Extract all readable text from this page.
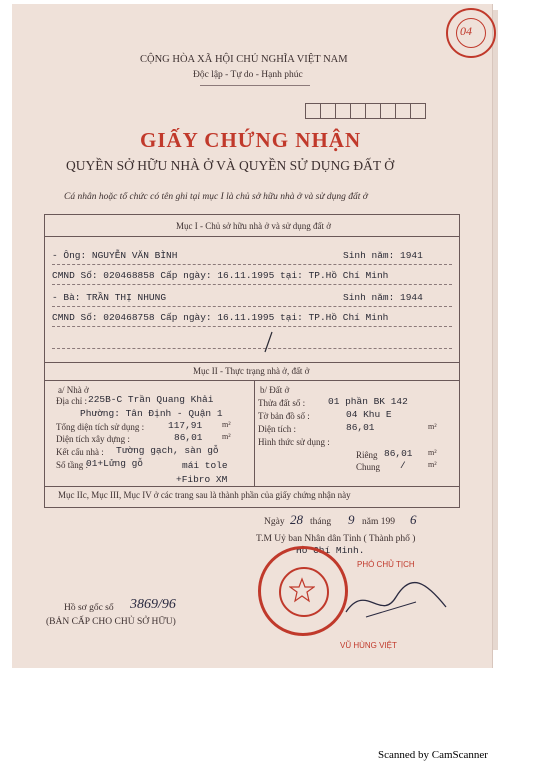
04
CỘNG HÒA XÃ HỘI CHỦ NGHĨA VIỆT NAM
Độc lập - Tự do - Hạnh phúc
GIẤY CHỨNG NHẬN
QUYỀN SỞ HỮU NHÀ Ở VÀ QUYỀN SỬ DỤNG ĐẤT Ở
Cá nhân hoặc tổ chức có tên ghi tại mục I là chủ sở hữu nhà ở và sử dụng đất ở
Mục I - Chủ sở hữu nhà ở và sử dụng đất ở
- Ông: NGUYỄN VĂN BÌNH	Sinh năm: 1941
CMND Số: 020468858 Cấp ngày: 16.11.1995 tại: TP.Hồ Chí Minh
- Bà: TRẦN THỊ NHUNG	Sinh năm: 1944
CMND Số: 020468758 Cấp ngày: 16.11.1995 tại: TP.Hồ Chí Minh
Mục II - Thực trạng nhà ở, đất ở
a/ Nhà ở
Địa chỉ : 225B-C Trần Quang Khải
Phường: Tân Định - Quận 1
Tổng diện tích sử dụng :	117,91 m²
Diện tích xây dựng :	86,01 m²
Kết cấu nhà : Tường gạch, sàn gỗ
Số tầng :
01+Lửng gỗ	mái tole
+Fibro XM
b/ Đất ở
Thửa đất số : 01 phần BK 142
Tờ bản đồ số :	04 Khu E
Diện tích :	86,01	m²
Hình thức sử dụng :
Riêng 86,01 m²
Chung /	m²
Mục IIc, Mục III, Mục IV ở các trang sau là thành phần của giấy chứng nhận này
Ngày 28 tháng 9 năm 199 6
T.M Uỷ ban Nhân dân Tỉnh ( Thành phố )
Hồ Chí Minh.
PHÓ CHỦ TỊCH
VŨ HÙNG VIỆT
Hồ sơ gốc số 3869/96
(BẢN CẤP CHO CHỦ SỞ HỮU)
Scanned by CamScanner
